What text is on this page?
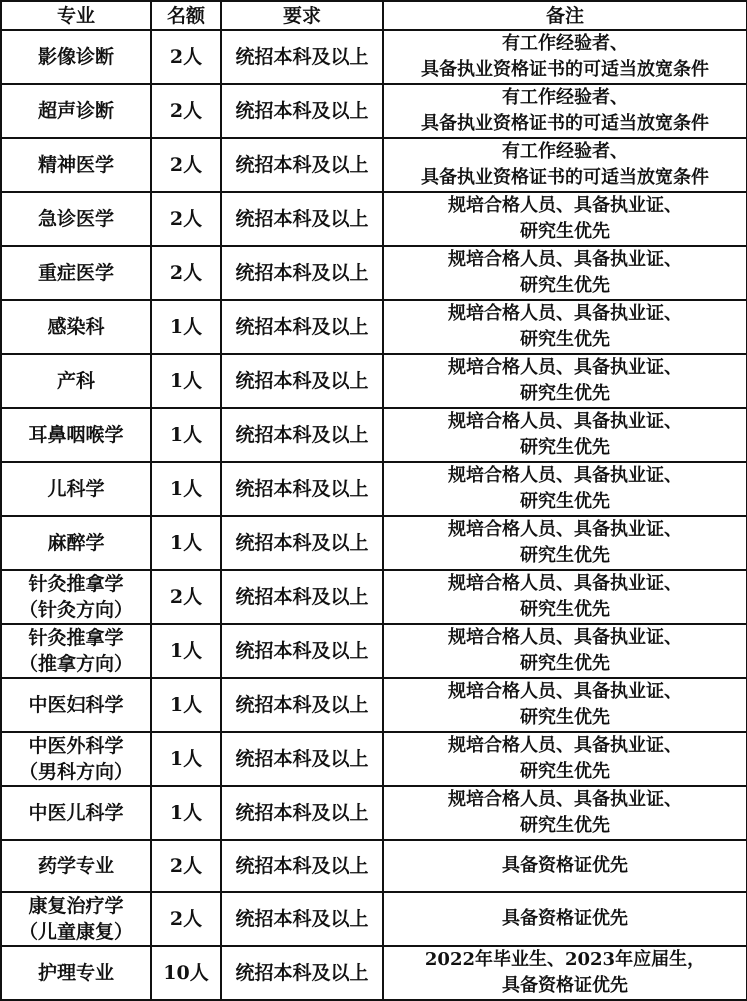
专业	名额	要求	备注

影像诊断	2人	统招本科及以上	有工作经验者、
具备执业资格证书的可适当放宽条件

超声诊断	2人	统招本科及以上	有工作经验者、
具备执业资格证书的可适当放宽条件

精神医学	2人	统招本科及以上	有工作经验者、
具备执业资格证书的可适当放宽条件

急诊医学	2人	统招本科及以上	规培合格人员、具备执业证、
研究生优先

重症医学	2人	统招本科及以上	规培合格人员、具备执业证、
研究生优先

感染科	1人	统招本科及以上	规培合格人员、具备执业证、
研究生优先

产科	1人	统招本科及以上	规培合格人员、具备执业证、
研究生优先

耳鼻咽喉学	1人	统招本科及以上	规培合格人员、具备执业证、
研究生优先

儿科学	1人	统招本科及以上	规培合格人员、具备执业证、
研究生优先

麻醉学	1人	统招本科及以上	规培合格人员、具备执业证、
研究生优先

针灸推拿学
（针灸方向）	2人	统招本科及以上	规培合格人员、具备执业证、
研究生优先

针灸推拿学
（推拿方向）	1人	统招本科及以上	规培合格人员、具备执业证、
研究生优先

中医妇科学	1人	统招本科及以上	规培合格人员、具备执业证、
研究生优先

中医外科学
（男科方向）	1人	统招本科及以上	规培合格人员、具备执业证、
研究生优先

中医儿科学	1人	统招本科及以上	规培合格人员、具备执业证、
研究生优先

药学专业	2人	统招本科及以上	具备资格证优先

康复治疗学
（儿童康复）	2人	统招本科及以上	具备资格证优先

护理专业	10人	统招本科及以上	2022年毕业生、2023年应届生，
具备资格证优先
